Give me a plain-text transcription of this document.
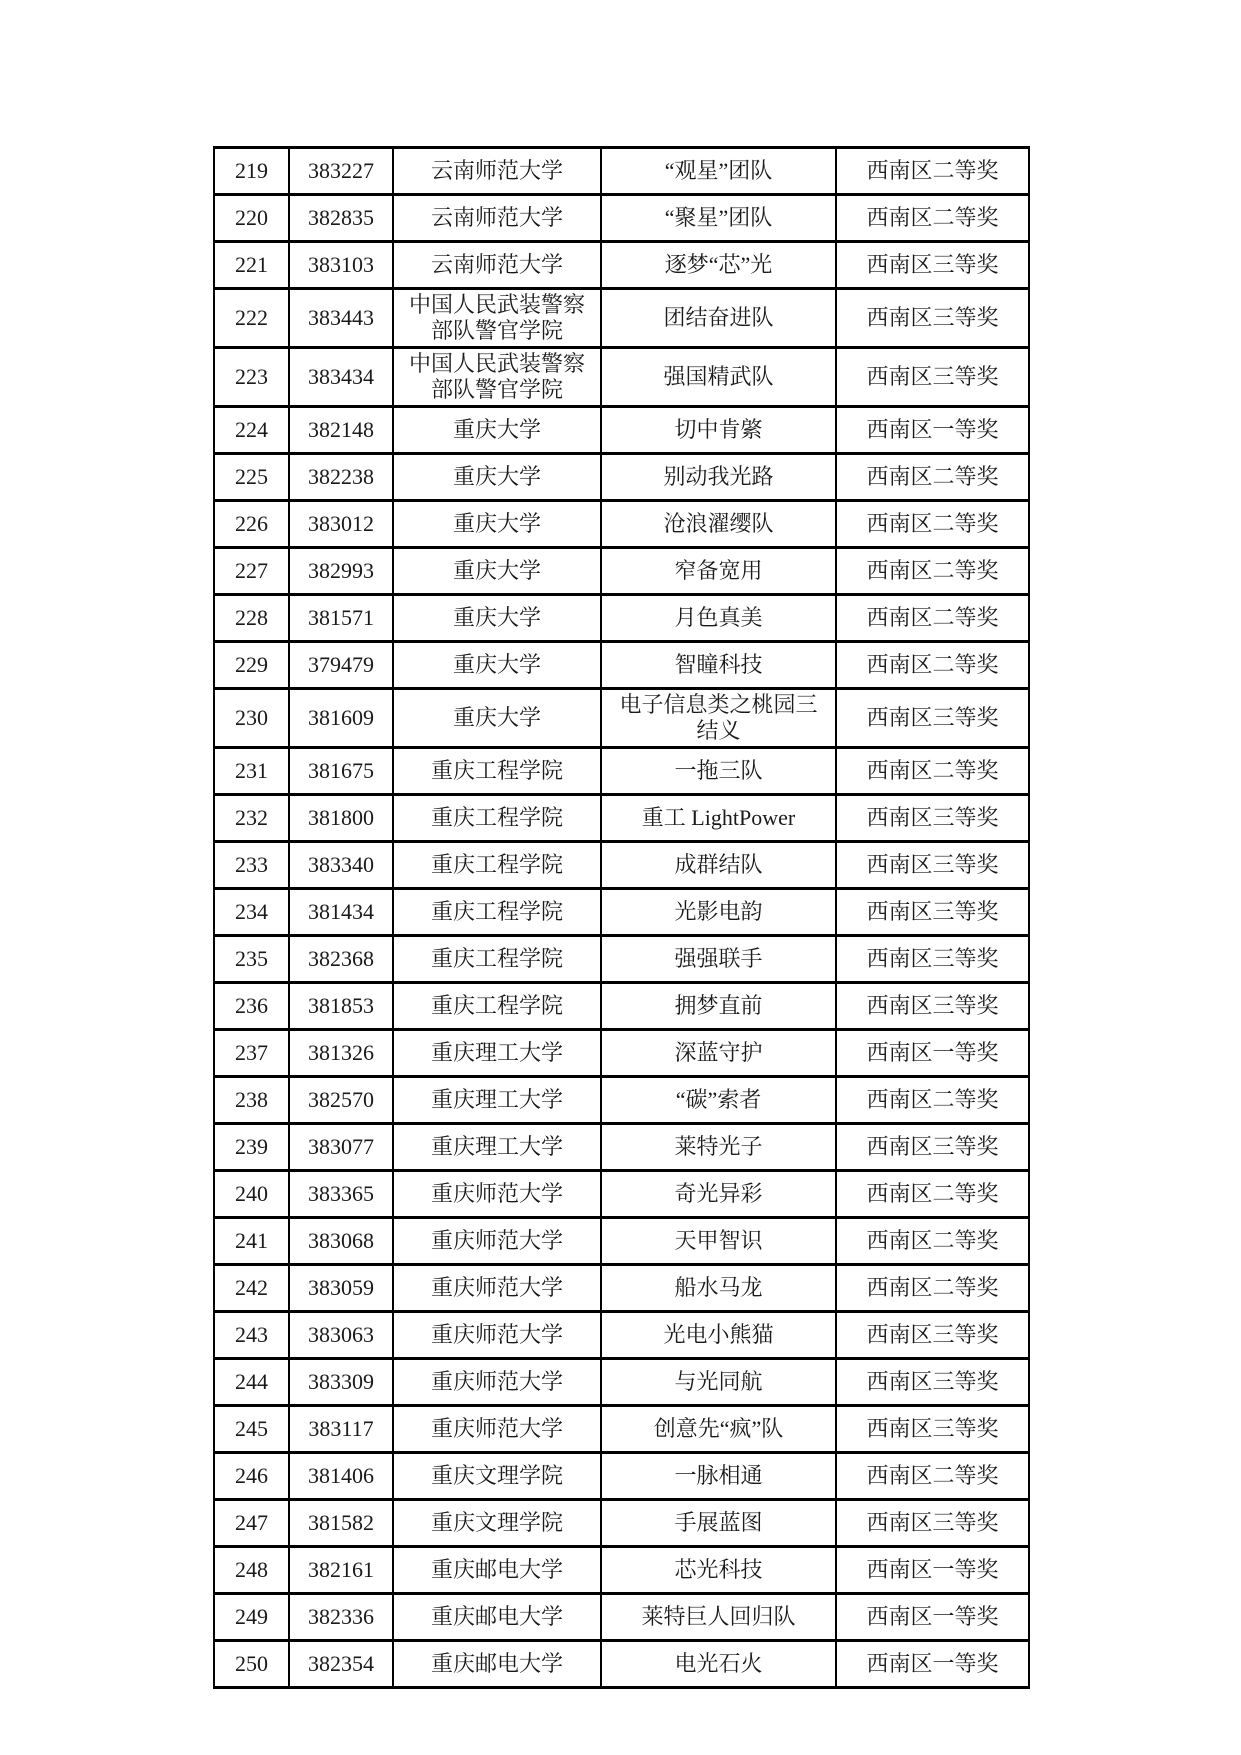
219	383227	云南师范大学	“观星”团队	西南区二等奖
220	382835	云南师范大学	“聚星”团队	西南区二等奖
221	383103	云南师范大学	逐梦“芯”光	西南区三等奖
222	383443	中国人民武装警察部队警官学院	团结奋进队	西南区三等奖
223	383434	中国人民武装警察部队警官学院	强国精武队	西南区三等奖
224	382148	重庆大学	切中肯綮	西南区一等奖
225	382238	重庆大学	别动我光路	西南区二等奖
226	383012	重庆大学	沧浪濯缨队	西南区二等奖
227	382993	重庆大学	窄备宽用	西南区二等奖
228	381571	重庆大学	月色真美	西南区二等奖
229	379479	重庆大学	智瞳科技	西南区二等奖
230	381609	重庆大学	电子信息类之桃园三结义	西南区三等奖
231	381675	重庆工程学院	一拖三队	西南区二等奖
232	381800	重庆工程学院	重工 LightPower	西南区三等奖
233	383340	重庆工程学院	成群结队	西南区三等奖
234	381434	重庆工程学院	光影电韵	西南区三等奖
235	382368	重庆工程学院	强强联手	西南区三等奖
236	381853	重庆工程学院	拥梦直前	西南区三等奖
237	381326	重庆理工大学	深蓝守护	西南区一等奖
238	382570	重庆理工大学	“碳”索者	西南区二等奖
239	383077	重庆理工大学	莱特光子	西南区三等奖
240	383365	重庆师范大学	奇光异彩	西南区二等奖
241	383068	重庆师范大学	天甲智识	西南区二等奖
242	383059	重庆师范大学	船水马龙	西南区二等奖
243	383063	重庆师范大学	光电小熊猫	西南区三等奖
244	383309	重庆师范大学	与光同航	西南区三等奖
245	383117	重庆师范大学	创意先“疯”队	西南区三等奖
246	381406	重庆文理学院	一脉相通	西南区二等奖
247	381582	重庆文理学院	手展蓝图	西南区三等奖
248	382161	重庆邮电大学	芯光科技	西南区一等奖
249	382336	重庆邮电大学	莱特巨人回归队	西南区一等奖
250	382354	重庆邮电大学	电光石火	西南区一等奖
